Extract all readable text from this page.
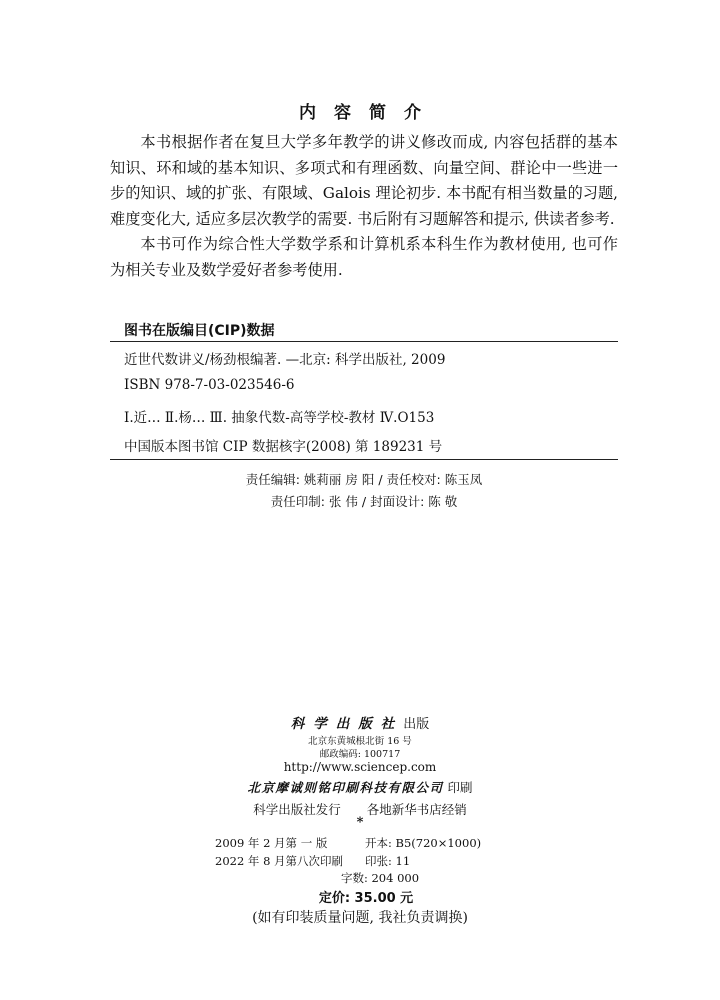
内容简介

本书根据作者在复旦大学多年教学的讲义修改而成, 内容包括群的基本知识、环和域的基本知识、多项式和有理函数、向量空间、群论中一些进一步的知识、域的扩张、有限域、Galois 理论初步. 本书配有相当数量的习题, 难度变化大, 适应多层次教学的需要. 书后附有习题解答和提示, 供读者参考.

本书可作为综合性大学数学系和计算机系本科生作为教材使用, 也可作为相关专业及数学爱好者参考使用.

图书在版编目(CIP)数据
近世代数讲义/杨劲根编著. —北京: 科学出版社, 2009
ISBN 978-7-03-023546-6
Ⅰ.近… Ⅱ.杨… Ⅲ. 抽象代数-高等学校-教材 Ⅳ.O153
中国版本图书馆 CIP 数据核字(2008) 第 189231 号
责任编辑: 姚莉丽 房 阳 / 责任校对: 陈玉凤
责任印制: 张 伟 / 封面设计: 陈 敬
科学出版社出版
北京东黄城根北街 16 号
邮政编码: 100717
http://www.sciencep.com
北京摩诚则铭印刷科技有限公司 印刷
科学出版社发行 各地新华书店经销
*
2009 年 2 月第 一 版	开本: B5(720×1000)
2022 年 8 月第八次印刷 印张: 11
字数: 204 000
定价: 35.00 元
(如有印装质量问题, 我社负责调换)
